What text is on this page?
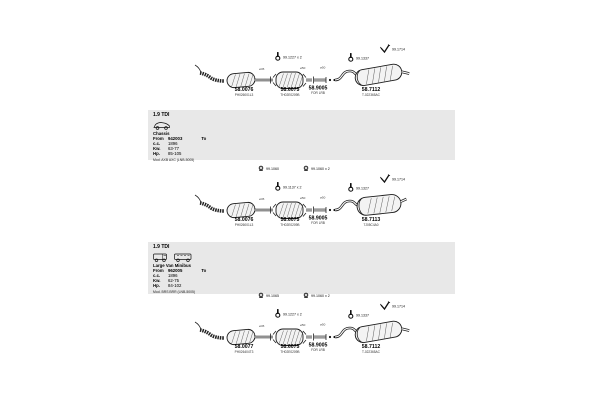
99.1714
99.1227 x 2	99.1337
ø45	ø50	ø50
58.0076
PH026001L3
58.6075
TH02E0209B
58.9005
FOR LRB	58.7112
T-022365AC
1.9 TDI
Chassis
From 942003	To
c.c.	1896
Kw.	63-77
Hp.	85-105
Mod. AXB AXC (LNB-5005)
99.1060	99.1060 x 2
99.1714
99.1137 x 2	99.1327
ø45	ø50	ø50
58.0076
PH026001L3
58.6075
TH02E0209B
58.9005
FOR LRB	58.7113
TJ05C4A0
1.9 TDI
Large Van Minibus
From 962005	To
c.c.	1896
Kw.	62-75
Hp.	84-102
Mod. BRS BRR (LNB-5005)
99.1065	99.1060 x 2
99.1714
99.1227 x 2	99.1337
ø45	ø50	ø50
58.0077
PH026404T3
58.6075
TH02E0209B
58.9005
FOR LRB	58.7112
T-022365AC
